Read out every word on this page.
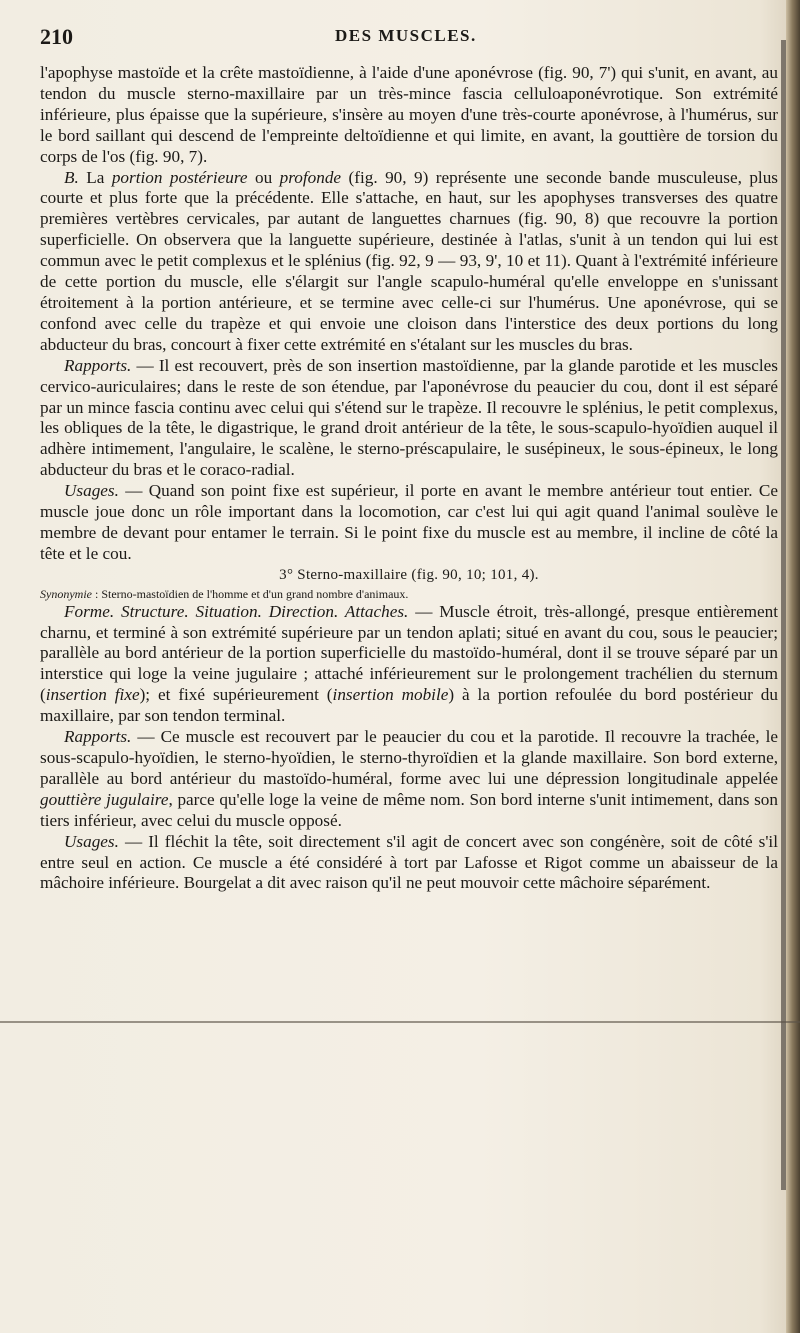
210	DES MUSCLES.

l'apophyse mastoïde et la crête mastoïdienne, à l'aide d'une aponévrose (fig. 90, 7') qui s'unit, en avant, au tendon du muscle sterno-maxillaire par un très-mince fascia celluloaponévrotique. Son extrémité inférieure, plus épaisse que la supérieure, s'insère au moyen d'une très-courte aponévrose, à l'humérus, sur le bord saillant qui descend de l'empreinte deltoïdienne et qui limite, en avant, la gouttière de torsion du corps de l'os (fig. 90, 7).

B. La portion postérieure ou profonde (fig. 90, 9) représente une seconde bande musculeuse, plus courte et plus forte que la précédente. Elle s'attache, en haut, sur les apophyses transverses des quatre premières vertèbres cervicales, par autant de languettes charnues (fig. 90, 8) que recouvre la portion superficielle. On observera que la languette supérieure, destinée à l'atlas, s'unit à un tendon qui lui est commun avec le petit complexus et le splénius (fig. 92, 9 — 93, 9', 10 et 11). Quant à l'extrémité inférieure de cette portion du muscle, elle s'élargit sur l'angle scapulo-huméral qu'elle enveloppe en s'unissant étroitement à la portion antérieure, et se termine avec celle-ci sur l'humérus. Une aponévrose, qui se confond avec celle du trapèze et qui envoie une cloison dans l'interstice des deux portions du long abducteur du bras, concourt à fixer cette extrémité en s'étalant sur les muscles du bras.

Rapports. — Il est recouvert, près de son insertion mastoïdienne, par la glande parotide et les muscles cervico-auriculaires; dans le reste de son étendue, par l'aponévrose du peaucier du cou, dont il est séparé par un mince fascia continu avec celui qui s'étend sur le trapèze. Il recouvre le splénius, le petit complexus, les obliques de la tête, le digastrique, le grand droit antérieur de la tête, le sous-scapulo-hyoïdien auquel il adhère intimement, l'angulaire, le scalène, le sterno-préscapulaire, le susépineux, le sous-épineux, le long abducteur du bras et le coraco-radial.

Usages. — Quand son point fixe est supérieur, il porte en avant le membre antérieur tout entier. Ce muscle joue donc un rôle important dans la locomotion, car c'est lui qui agit quand l'animal soulève le membre de devant pour entamer le terrain. Si le point fixe du muscle est au membre, il incline de côté la tête et le cou.

3° Sterno-maxillaire (fig. 90, 10; 101, 4).

Synonymie : Sterno-mastoïdien de l'homme et d'un grand nombre d'animaux.

Forme. Structure. Situation. Direction. Attaches. — Muscle étroit, très-allongé, presque entièrement charnu, et terminé à son extrémité supérieure par un tendon aplati; situé en avant du cou, sous le peaucier; parallèle au bord antérieur de la portion superficielle du mastoïdo-huméral, dont il se trouve séparé par un interstice qui loge la veine jugulaire ; attaché inférieurement sur le prolongement trachélien du sternum (insertion fixe); et fixé supérieurement (insertion mobile) à la portion refoulée du bord postérieur du maxillaire, par son tendon terminal.

Rapports. — Ce muscle est recouvert par le peaucier du cou et la parotide. Il recouvre la trachée, le sous-scapulo-hyoïdien, le sterno-hyoïdien, le sterno-thyroïdien et la glande maxillaire. Son bord externe, parallèle au bord antérieur du mastoïdo-huméral, forme avec lui une dépression longitudinale appelée gouttière jugulaire, parce qu'elle loge la veine de même nom. Son bord interne s'unit intimement, dans son tiers inférieur, avec celui du muscle opposé.

Usages. — Il fléchit la tête, soit directement s'il agit de concert avec son congénère, soit de côté s'il entre seul en action. Ce muscle a été considéré à tort par Lafosse et Rigot comme un abaisseur de la mâchoire inférieure. Bourgelat a dit avec raison qu'il ne peut mouvoir cette mâchoire séparément.
